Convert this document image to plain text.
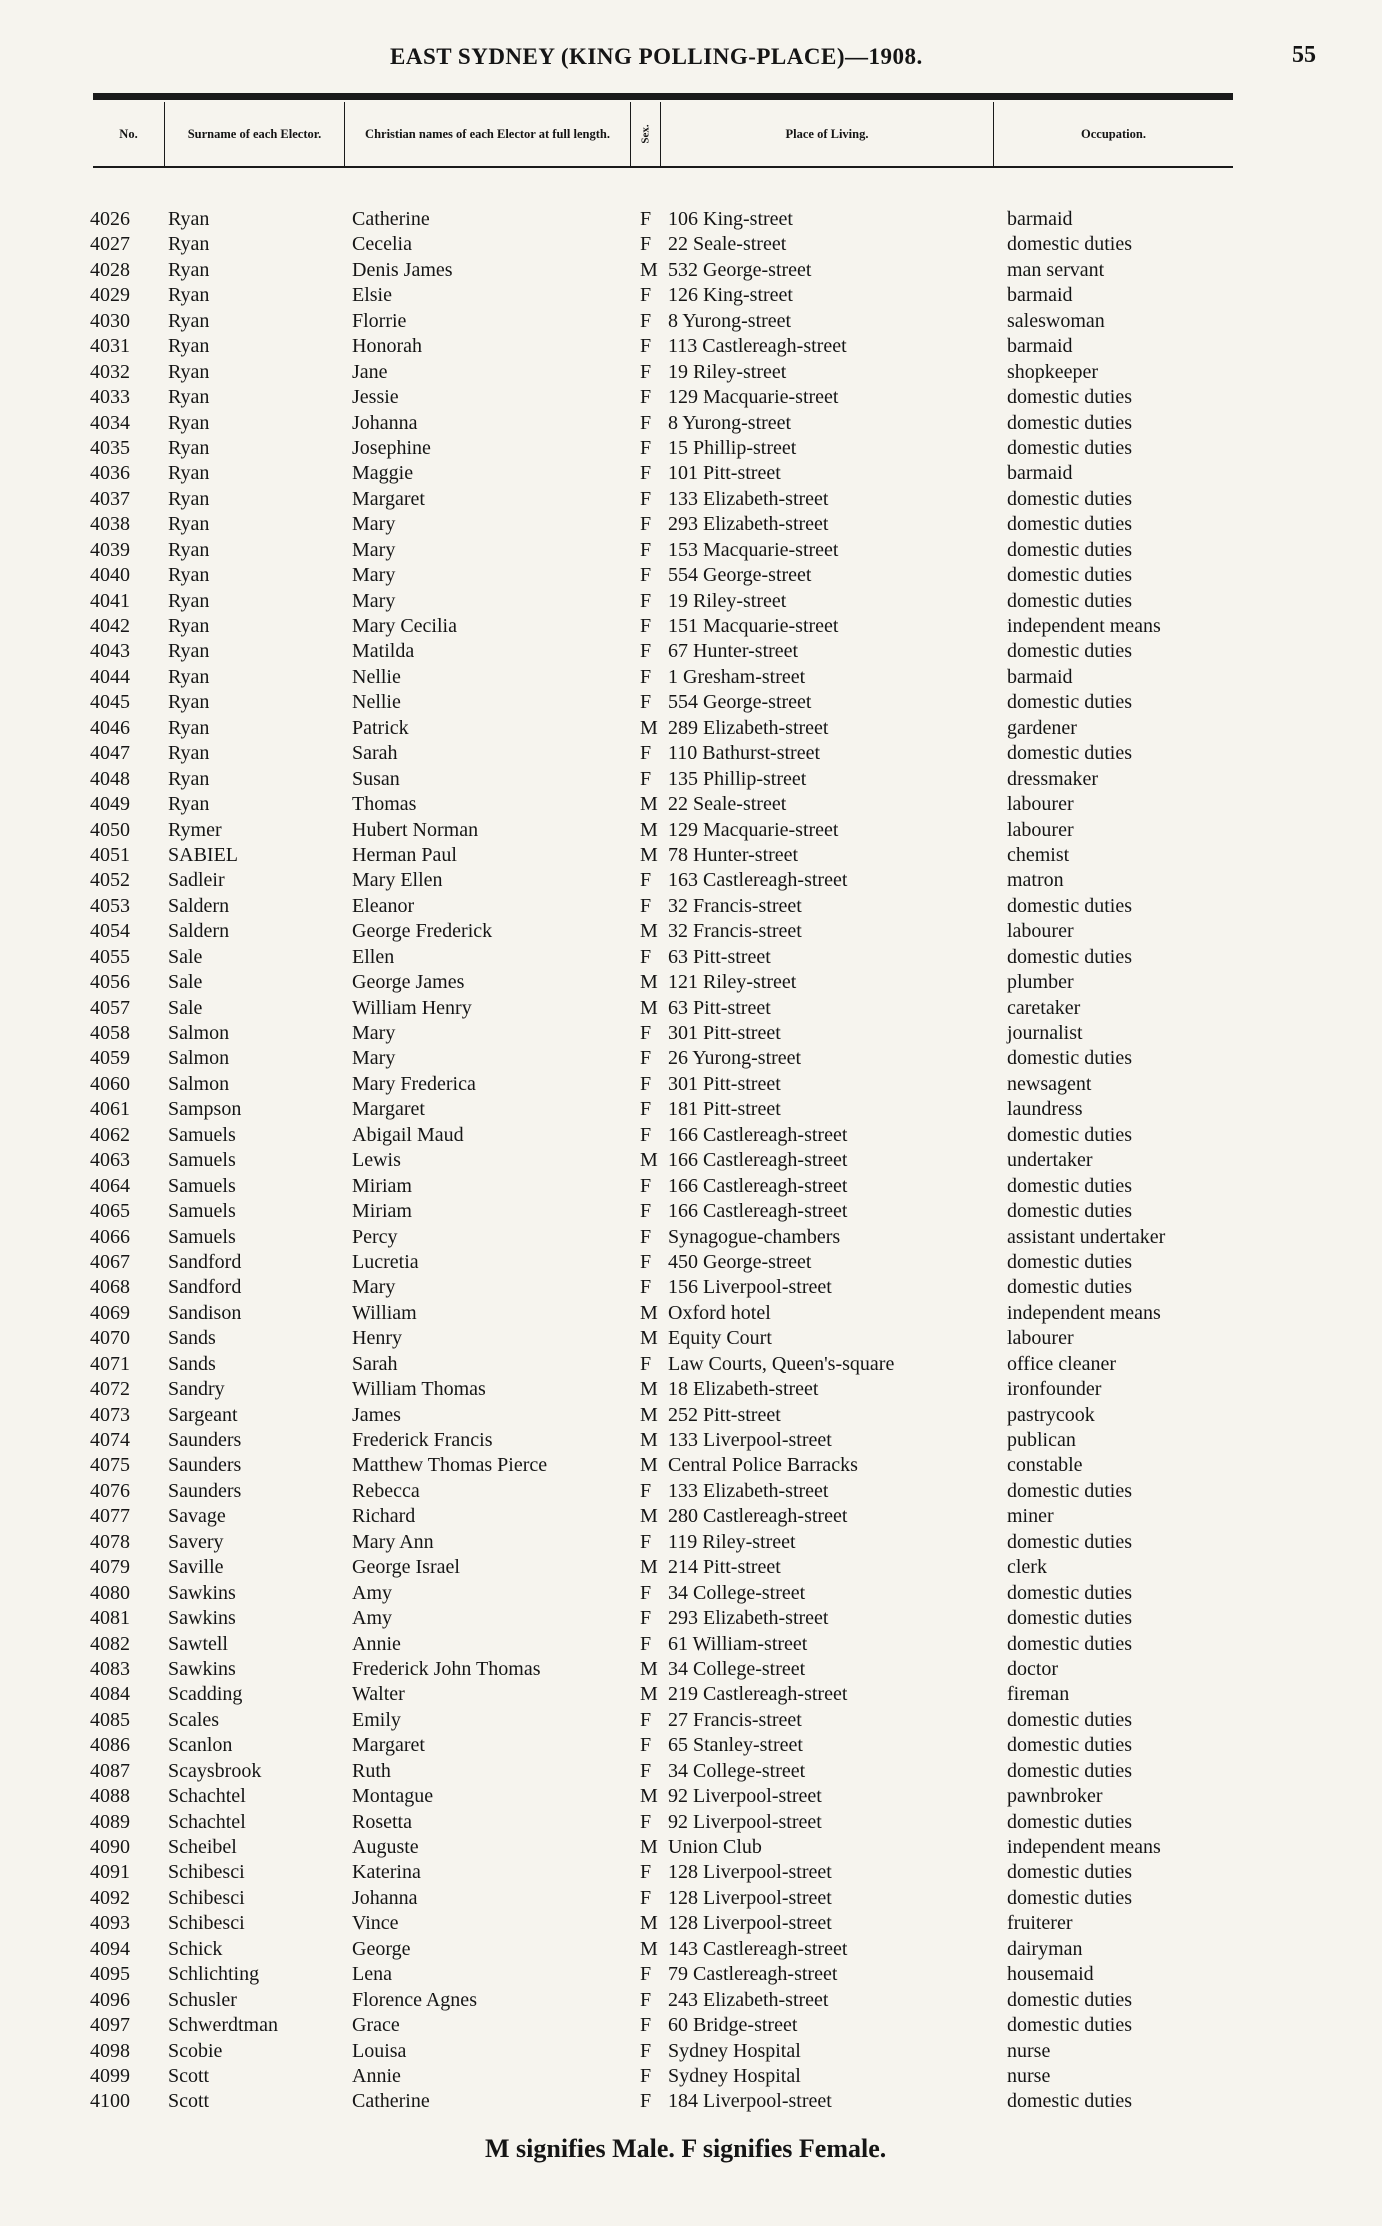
EAST SYDNEY (KING POLLING-PLACE)—1908.	55
No.	Surname of each Elector.	Christian names of each Elector at full length.	Sex.	Place of Living.	Occupation.
4026 Ryan	Catherine	F 106 King-street	barmaid
4027 Ryan	Cecelia	F 22 Seale-street	domestic duties
4028 Ryan	Denis James	M 532 George-street	man servant
4029 Ryan	Elsie	F 126 King-street	barmaid
4030 Ryan	Florrie	F 8 Yurong-street	saleswoman
4031 Ryan	Honorah	F 113 Castlereagh-street	barmaid
4032 Ryan	Jane	F 19 Riley-street	shopkeeper
4033 Ryan	Jessie	F 129 Macquarie-street	domestic duties
4034 Ryan	Johanna	F 8 Yurong-street	domestic duties
4035 Ryan	Josephine	F 15 Phillip-street	domestic duties
4036 Ryan	Maggie	F 101 Pitt-street	barmaid
4037 Ryan	Margaret	F 133 Elizabeth-street	domestic duties
4038 Ryan	Mary	F 293 Elizabeth-street	domestic duties
4039 Ryan	Mary	F 153 Macquarie-street	domestic duties
4040 Ryan	Mary	F 554 George-street	domestic duties
4041 Ryan	Mary	F 19 Riley-street	domestic duties
4042 Ryan	Mary Cecilia	F 151 Macquarie-street	independent means
4043 Ryan	Matilda	F 67 Hunter-street	domestic duties
4044 Ryan	Nellie	F 1 Gresham-street	barmaid
4045 Ryan	Nellie	F 554 George-street	domestic duties
4046 Ryan	Patrick	M 289 Elizabeth-street	gardener
4047 Ryan	Sarah	F 110 Bathurst-street	domestic duties
4048 Ryan	Susan	F 135 Phillip-street	dressmaker
4049 Ryan	Thomas	M 22 Seale-street	labourer
4050 Rymer	Hubert Norman	M 129 Macquarie-street	labourer
4051 SABIEL	Herman Paul	M 78 Hunter-street	chemist
4052 Sadleir	Mary Ellen	F 163 Castlereagh-street	matron
4053 Saldern	Eleanor	F 32 Francis-street	domestic duties
4054 Saldern	George Frederick	M 32 Francis-street	labourer
4055 Sale	Ellen	F 63 Pitt-street	domestic duties
4056 Sale	George James	M 121 Riley-street	plumber
4057 Sale	William Henry	M 63 Pitt-street	caretaker
4058 Salmon	Mary	F 301 Pitt-street	journalist
4059 Salmon	Mary	F 26 Yurong-street	domestic duties
4060 Salmon	Mary Frederica	F 301 Pitt-street	newsagent
4061 Sampson	Margaret	F 181 Pitt-street	laundress
4062 Samuels	Abigail Maud	F 166 Castlereagh-street	domestic duties
4063 Samuels	Lewis	M 166 Castlereagh-street	undertaker
4064 Samuels	Miriam	F 166 Castlereagh-street	domestic duties
4065 Samuels	Miriam	F 166 Castlereagh-street	domestic duties
4066 Samuels	Percy	F Synagogue-chambers	assistant undertaker
4067 Sandford	Lucretia	F 450 George-street	domestic duties
4068 Sandford	Mary	F 156 Liverpool-street	domestic duties
4069 Sandison	William	M Oxford hotel	independent means
4070 Sands	Henry	M Equity Court	labourer
4071 Sands	Sarah	F Law Courts, Queen's-square	office cleaner
4072 Sandry	William Thomas	M 18 Elizabeth-street	ironfounder
4073 Sargeant	James	M 252 Pitt-street	pastrycook
4074 Saunders	Frederick Francis	M 133 Liverpool-street	publican
4075 Saunders	Matthew Thomas Pierce	M Central Police Barracks	constable
4076 Saunders	Rebecca	F 133 Elizabeth-street	domestic duties
4077 Savage	Richard	M 280 Castlereagh-street	miner
4078 Savery	Mary Ann	F 119 Riley-street	domestic duties
4079 Saville	George Israel	M 214 Pitt-street	clerk
4080 Sawkins	Amy	F 34 College-street	domestic duties
4081 Sawkins	Amy	F 293 Elizabeth-street	domestic duties
4082 Sawtell	Annie	F 61 William-street	domestic duties
4083 Sawkins	Frederick John Thomas	M 34 College-street	doctor
4084 Scadding	Walter	M 219 Castlereagh-street	fireman
4085 Scales	Emily	F 27 Francis-street	domestic duties
4086 Scanlon	Margaret	F 65 Stanley-street	domestic duties
4087 Scaysbrook	Ruth	F 34 College-street	domestic duties
4088 Schachtel	Montague	M 92 Liverpool-street	pawnbroker
4089 Schachtel	Rosetta	F 92 Liverpool-street	domestic duties
4090 Scheibel	Auguste	M Union Club	independent means
4091 Schibesci	Katerina	F 128 Liverpool-street	domestic duties
4092 Schibesci	Johanna	F 128 Liverpool-street	domestic duties
4093 Schibesci	Vince	M 128 Liverpool-street	fruiterer
4094 Schick	George	M 143 Castlereagh-street	dairyman
4095 Schlichting	Lena	F 79 Castlereagh-street	housemaid
4096 Schusler	Florence Agnes	F 243 Elizabeth-street	domestic duties
4097 Schwerdtman	Grace	F 60 Bridge-street	domestic duties
4098 Scobie	Louisa	F Sydney Hospital	nurse
4099 Scott	Annie	F Sydney Hospital	nurse
4100 Scott	Catherine	F 184 Liverpool-street	domestic duties
M signifies Male. F signifies Female.
